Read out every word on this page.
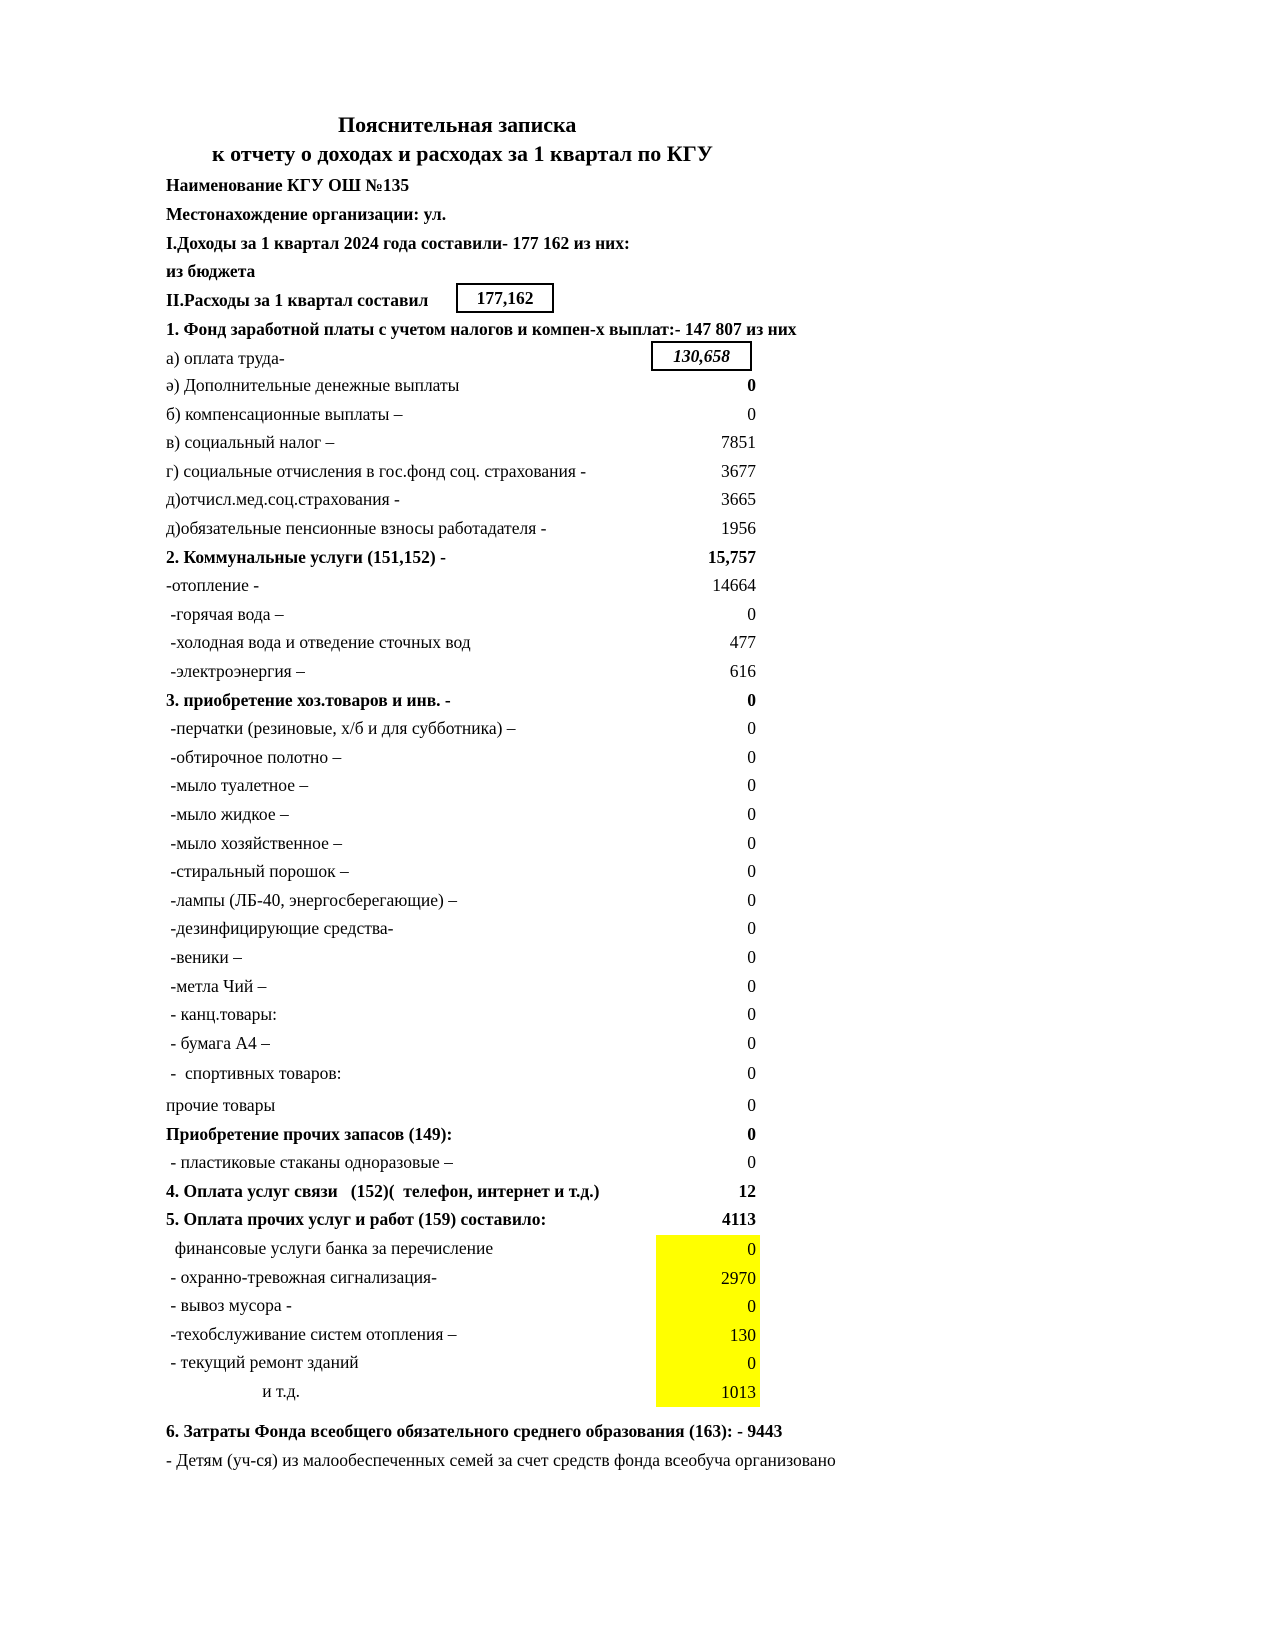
Пояснительная записка
к отчету о доходах и расходах за 1 квартал по КГУ
Наименование КГУ ОШ №135
Местонахождение организации: ул.
I.Доходы за 1 квартал 2024 года составили- 177 162 из них:
из бюджета
II.Расходы за 1 квартал составил	177,162
1. Фонд заработной платы с учетом налогов и компен-х выплат:- 147 807 из них
а) оплата труда-	130,658
ә) Дополнительные денежные выплаты	0
б) компенсационные выплаты –	0
в) социальный налог –	7851
г) социальные отчисления в гос.фонд соц. страхования -	3677
д)отчисл.мед.соц.страхования -	3665
д)обязательные пенсионные взносы работадателя -	1956
2. Коммунальные услуги (151,152) -	15,757
-отопление -	14664
-горячая вода –	0
-холодная вода и отведение сточных вод	477
-электроэнергия –	616
3. приобретение хоз.товаров и инв. -	0
-перчатки (резиновые, х/б и для субботника) –	0
-обтирочное полотно –	0
-мыло туалетное –	0
-мыло жидкое –	0
-мыло хозяйственное –	0
-стиральный порошок –	0
-лампы (ЛБ-40, энергосберегающие) –	0
-дезинфицирующие средства-	0
-веники –	0
-метла Чий –	0
- канц.товары:	0
- бумага А4 –	0
-  спортивных товаров:	0
прочие товары	0
Приобретение прочих запасов (149):	0
- пластиковые стаканы одноразовые –	0
4. Оплата услуг связи   (152)(  телефон, интернет и т.д.)	12
5. Оплата прочих услуг и работ (159) составило:	4113
финансовые услуги банка за перечисление	0
- охранно-тревожная сигнализация-	2970
- вывоз мусора -	0
-техобслуживание систем отопления –	130
- текущий ремонт зданий	0
и т.д.	1013
6. Затраты Фонда всеобщего обязательного среднего образования (163): - 9443
- Детям (уч-ся) из малообеспеченных семей за счет средств фонда всеобуча организовано
